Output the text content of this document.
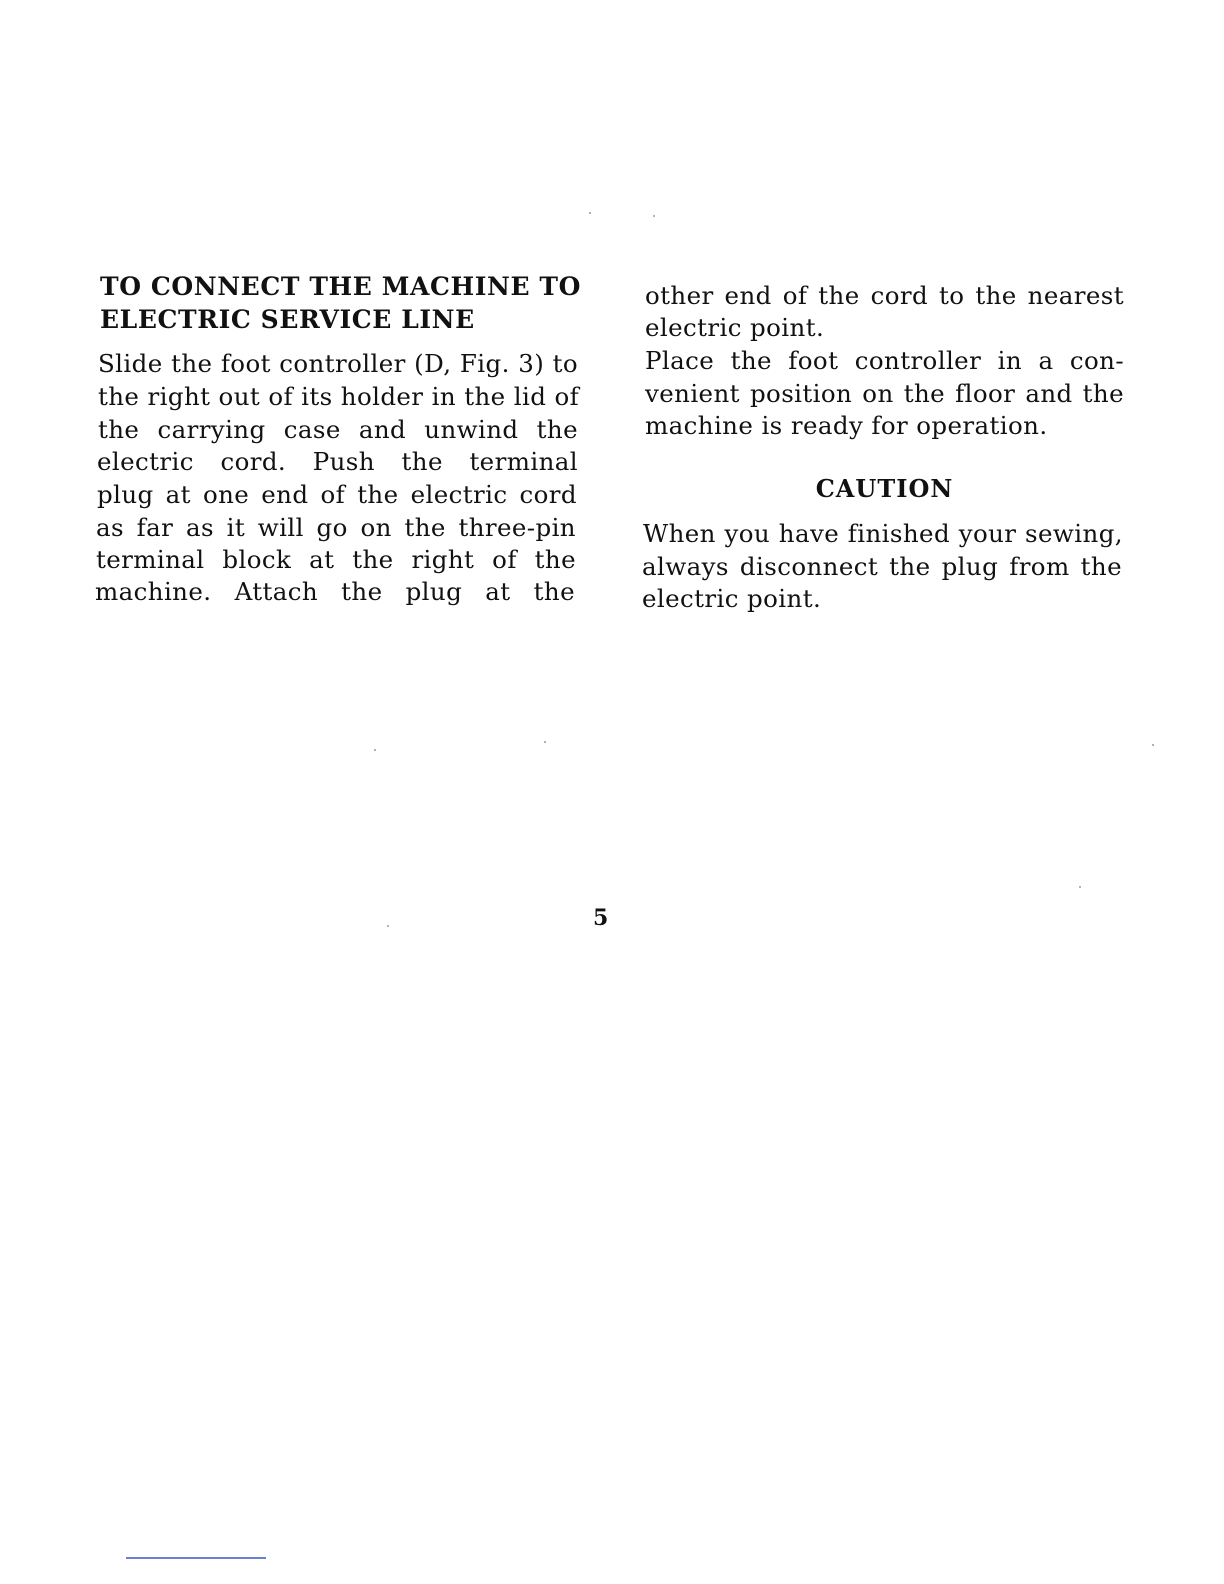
TO CONNECT THE MACHINE TO
ELECTRIC SERVICE LINE
Slide the foot controller (D, Fig. 3) to
the right out of its holder in the lid of
the carrying case and unwind the
electric cord. Push the terminal
plug at one end of the electric cord
as far as it will go on the three-pin
terminal block at the right of the
machine. Attach the plug at the
other end of the cord to the nearest
electric point.
Place the foot controller in a con-
venient position on the floor and the
machine is ready for operation.
CAUTION
When you have finished your sewing,
always disconnect the plug from the
electric point.
5
